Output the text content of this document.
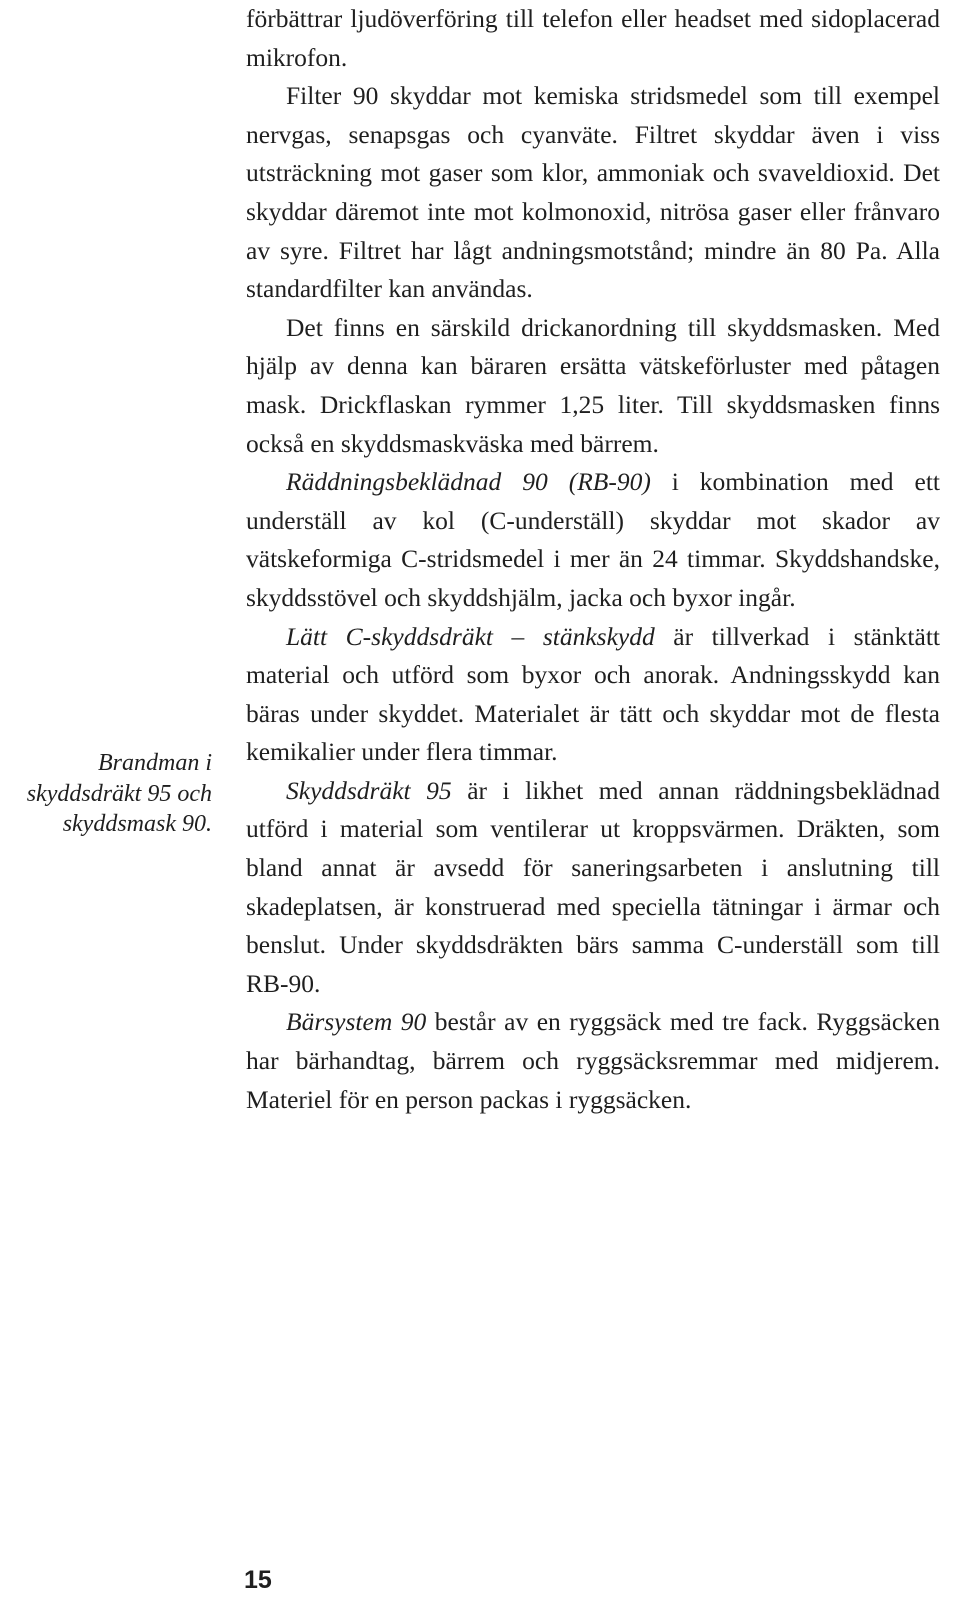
Brandman i
skyddsdräkt 95 och
skyddsmask 90.

förbättrar ljudöverföring till telefon eller headset med sidoplacerad mikrofon.

Filter 90 skyddar mot kemiska stridsmedel som till exempel nervgas, senapsgas och cyanväte. Filtret skyddar även i viss utsträckning mot gaser som klor, ammoniak och svaveldioxid. Det skyddar däremot inte mot kolmonoxid, nitrösa gaser eller frånvaro av syre. Filtret har lågt andningsmotstånd; mindre än 80 Pa. Alla standardfilter kan användas.

Det finns en särskild drickanordning till skyddsmasken. Med hjälp av denna kan bäraren ersätta vätskeförluster med påtagen mask. Drickflaskan rymmer 1,25 liter. Till skyddsmasken finns också en skyddsmaskväska med bärrem.

Räddningsbeklädnad 90 (RB-90) i kombination med ett underställ av kol (C-underställ) skyddar mot skador av vätskeformiga C-stridsmedel i mer än 24 timmar. Skyddshandske, skyddsstövel och skyddshjälm, jacka och byxor ingår.

Lätt C-skyddsdräkt – stänkskydd är tillverkad i stänktätt material och utförd som byxor och anorak. Andningsskydd kan bäras under skyddet. Materialet är tätt och skyddar mot de flesta kemikalier under flera timmar.

Skyddsdräkt 95 är i likhet med annan räddningsbeklädnad utförd i material som ventilerar ut kroppsvärmen. Dräkten, som bland annat är avsedd för saneringsarbeten i anslutning till skadeplatsen, är konstruerad med speciella tätningar i ärmar och benslut. Under skyddsdräkten bärs samma C-underställ som till RB-90.

Bärsystem 90 består av en ryggsäck med tre fack. Ryggsäcken har bärhandtag, bärrem och ryggsäcksremmar med midjerem. Materiel för en person packas i ryggsäcken.

15
